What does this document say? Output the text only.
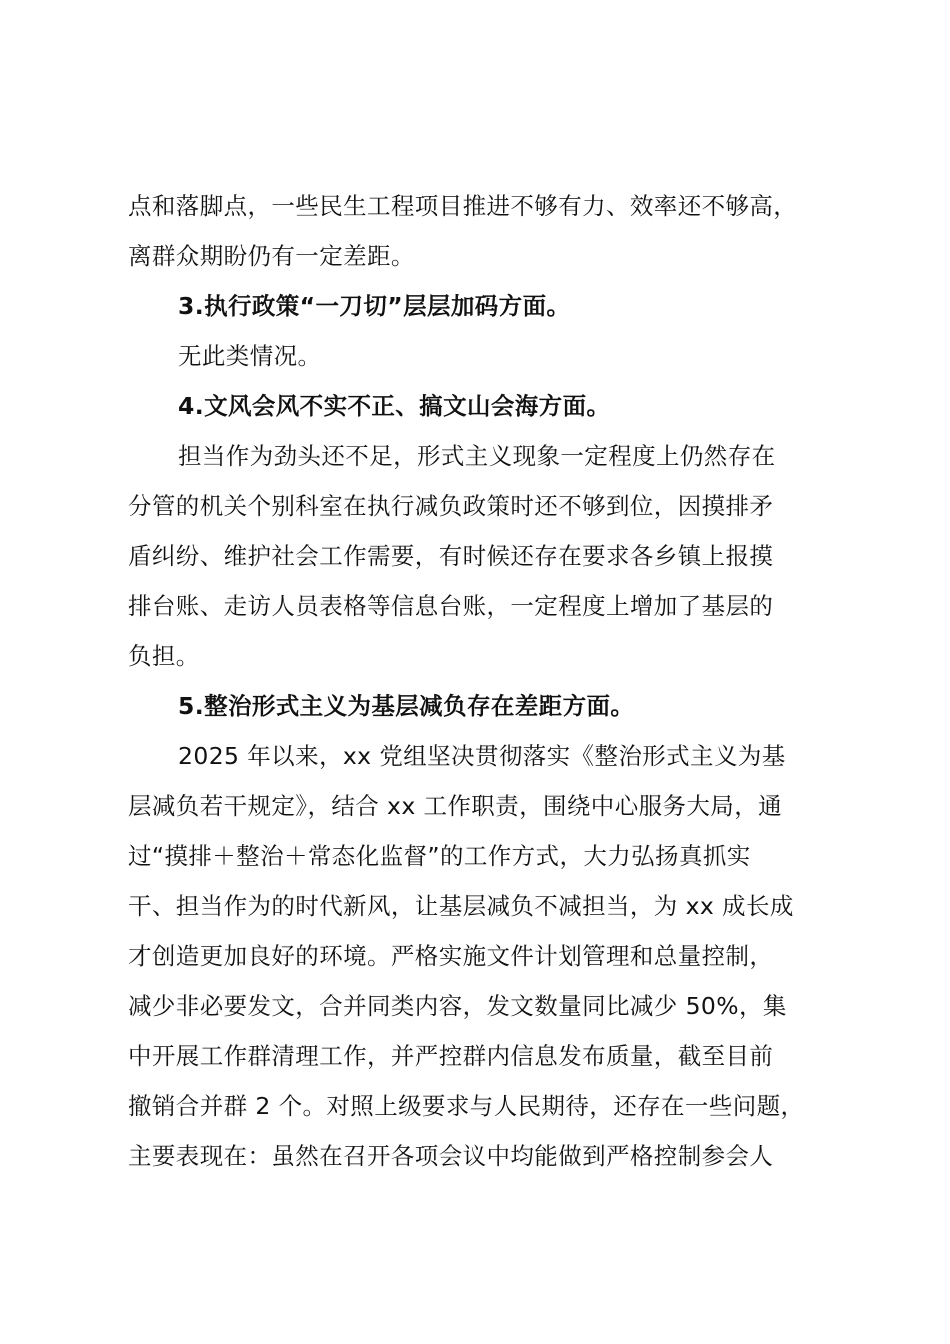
点和落脚点，一些民生工程项目推进不够有力、效率还不够高，
离群众期盼仍有一定差距。
3.执行政策“一刀切”层层加码方面。
无此类情况。
4.文风会风不实不正、搞文山会海方面。
担当作为劲头还不足，形式主义现象一定程度上仍然存在
分管的机关个别科室在执行减负政策时还不够到位，因摸排矛
盾纠纷、维护社会工作需要，有时候还存在要求各乡镇上报摸
排台账、走访人员表格等信息台账，一定程度上增加了基层的
负担。
5.整治形式主义为基层减负存在差距方面。
2025 年以来，xx 党组坚决贯彻落实《整治形式主义为基
层减负若干规定》，结合 xx 工作职责，围绕中心服务大局，通
过“摸排＋整治＋常态化监督”的工作方式，大力弘扬真抓实
干、担当作为的时代新风，让基层减负不减担当，为 xx 成长成
才创造更加良好的环境。严格实施文件计划管理和总量控制，
减少非必要发文，合并同类内容，发文数量同比减少 50%，集
中开展工作群清理工作，并严控群内信息发布质量，截至目前
撤销合并群 2 个。对照上级要求与人民期待，还存在一些问题，
主要表现在：虽然在召开各项会议中均能做到严格控制参会人
